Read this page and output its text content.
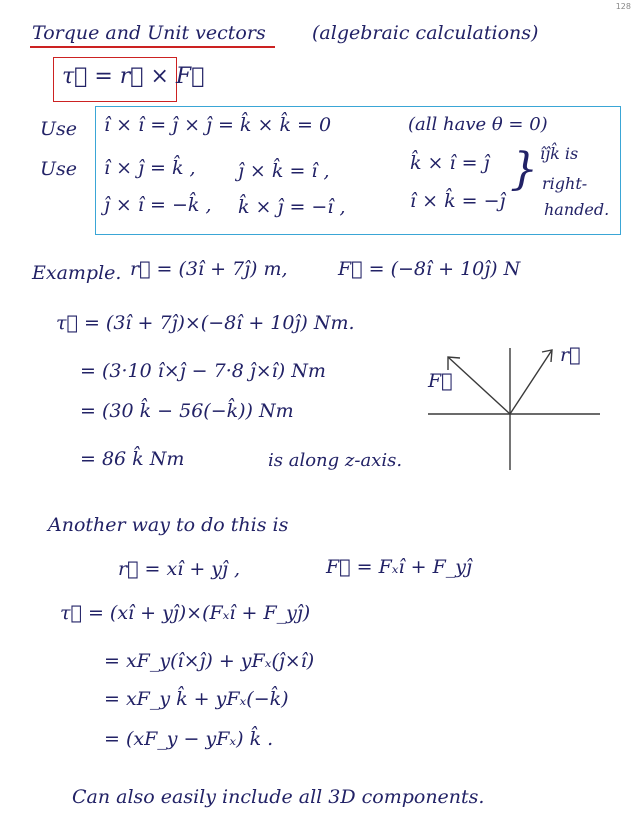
128
Torque and Unit vectors (algebraic calculations)
τ⃗ = r⃗ × F⃗
Use î × î = ĵ × ĵ = k̂ × k̂ = 0	(all have θ = 0)
Use î × ĵ = k̂ , ĵ × k̂ = î ,	k̂ × î = ĵ
ĵ × î = −k̂ , k̂ × ĵ = −î ,	î × k̂ = −ĵ
} îĵk̂ is
right-
handed.
Example. r⃗ = (3î + 7ĵ) m,	F⃗ = (−8î + 10ĵ) N
τ⃗ = (3î + 7ĵ)×(−8î + 10ĵ) Nm.
= (3·10 î×ĵ − 7·8 ĵ×î) Nm
= (30 k̂ − 56(−k̂)) Nm
= 86 k̂ Nm	is along z-axis.
F⃗
r⃗
Another way to do this is
r⃗ = xî + yĵ ,	F⃗ = Fₓî + F_yĵ
τ⃗ = (xî + yĵ)×(Fₓî + F_yĵ)
= xF_y(î×ĵ) + yFₓ(ĵ×î)
= xF_y k̂ + yFₓ(−k̂)
= (xF_y − yFₓ) k̂ .
Can also easily include all 3D components.
